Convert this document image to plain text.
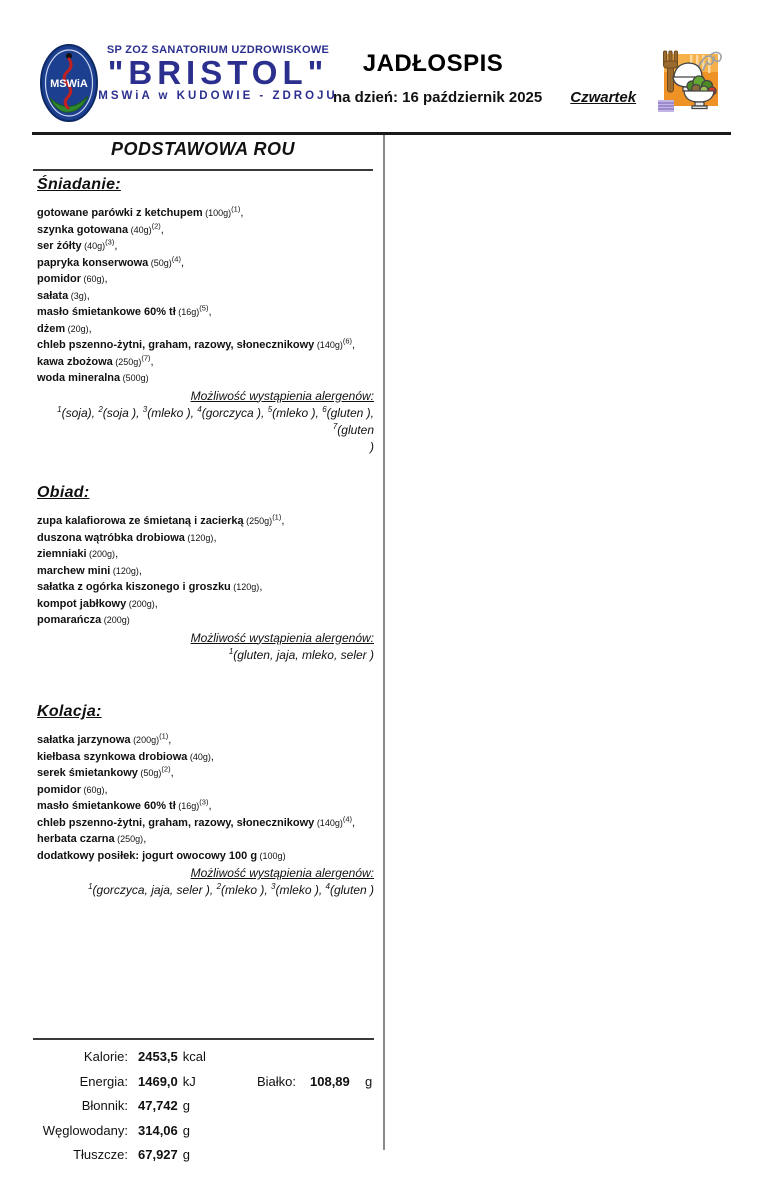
MSWiA
SP ZOZ SANATORIUM UZDROWISKOWE
"BRISTOL"
MSWiA w KUDOWIE - ZDROJU
JADŁOSPIS
na dzień: 16 październik 2025 Czwartek
PODSTAWOWA ROU
Śniadanie:
gotowane parówki z ketchupem (100g)$^{(1)}$,
szynka gotowana (40g)$^{(2)}$,
ser żółty (40g)$^{(3)}$,
papryka konserwowa (50g)$^{(4)}$,
pomidor (60g),
sałata (3g),
masło śmietankowe 60% tł (16g)$^{(5)}$,
dżem (20g),
chleb pszenno-żytni, graham, razowy, słonecznikowy (140g)$^{(6)}$,
kawa zbożowa (250g)$^{(7)}$,
woda mineralna (500g)
Możliwość wystąpienia alergenów:
$^1$(soja), $^2$(soja ), $^3$(mleko ), $^4$(gorczyca ), $^5$(mleko ), $^6$(gluten ), $^7$(gluten
)
Obiad:
zupa kalafiorowa ze śmietaną i zacierką (250g)$^{(1)}$,
duszona wątróbka drobiowa (120g),
ziemniaki (200g),
marchew mini (120g),
sałatka z ogórka kiszonego i groszku (120g),
kompot jabłkowy (200g),
pomarańcza (200g)
Możliwość wystąpienia alergenów:
$^1$(gluten, jaja, mleko, seler )
Kolacja:
sałatka jarzynowa (200g)$^{(1)}$,
kiełbasa szynkowa drobiowa (40g),
serek śmietankowy (50g)$^{(2)}$,
pomidor (60g),
masło śmietankowe 60% tł (16g)$^{(3)}$,
chleb pszenno-żytni, graham, razowy, słonecznikowy (140g)$^{(4)}$,
herbata czarna (250g),
dodatkowy posiłek: jogurt owocowy 100 g (100g)
Możliwość wystąpienia alergenów:
$^1$(gorczyca, jaja, seler ), $^2$(mleko ), $^3$(mleko ), $^4$(gluten )
Kalorie: 2453,5 kcal
Energia: 1469,0 kJ	Białko: 108,89 g
Błonnik: 47,742 g
Węglowodany: 314,06 g
Tłuszcze: 67,927 g
